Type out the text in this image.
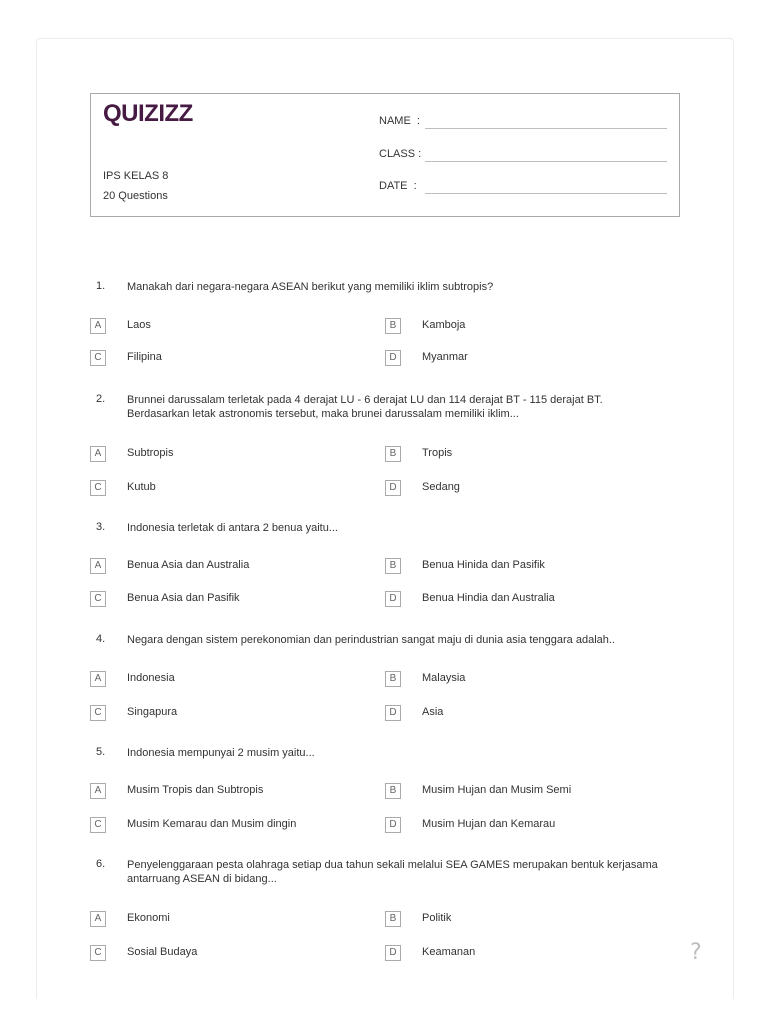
QUIZIZZ
IPS KELAS 8
20 Questions
NAME  :
CLASS :
DATE  :
1. Manakah dari negara-negara ASEAN berikut yang memiliki iklim subtropis?
A	Laos	B	Kamboja
C	Filipina	D	Myanmar
2. Brunnei darussalam terletak pada 4 derajat LU - 6 derajat LU dan 114 derajat BT - 115 derajat BT. Berdasarkan letak astronomis tersebut, maka brunei darussalam memiliki iklim...
A	Subtropis	B	Tropis
C	Kutub	D	Sedang
3. Indonesia terletak di antara 2 benua yaitu...
A	Benua Asia dan Australia	B	Benua Hinida dan Pasifik
C	Benua Asia dan Pasifik	D	Benua Hindia dan Australia
4. Negara dengan sistem perekonomian dan perindustrian sangat maju di dunia asia tenggara adalah..
A	Indonesia	B	Malaysia
C	Singapura	D	Asia
5. Indonesia mempunyai 2 musim yaitu...
A	Musim Tropis dan Subtropis	B	Musim Hujan dan Musim Semi
C	Musim Kemarau dan Musim dingin	D	Musim Hujan dan Kemarau
6. Penyelenggaraan pesta olahraga setiap dua tahun sekali melalui SEA GAMES merupakan bentuk kerjasama antarruang ASEAN di bidang...
A	Ekonomi	B	Politik
C	Sosial Budaya	D	Keamanan	?
